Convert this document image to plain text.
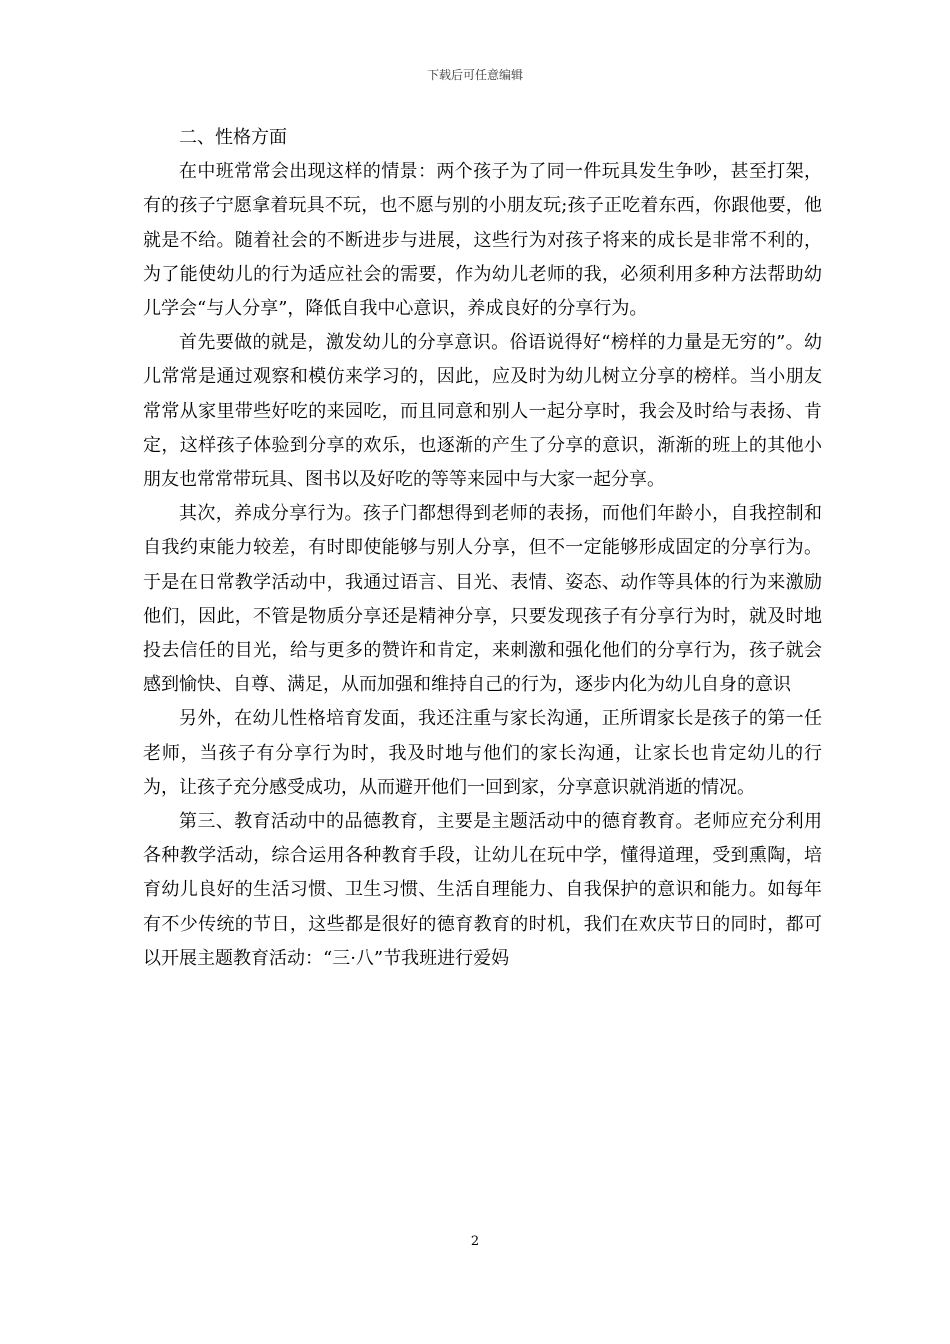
下载后可任意编辑

二、性格方面

在中班常常会出现这样的情景：两个孩子为了同一件玩具发生争吵，甚至打架，有的孩子宁愿拿着玩具不玩，也不愿与别的小朋友玩;孩子正吃着东西，你跟他要，他就是不给。随着社会的不断进步与进展，这些行为对孩子将来的成长是非常不利的，为了能使幼儿的行为适应社会的需要，作为幼儿老师的我，必须利用多种方法帮助幼儿学会“与人分享”，降低自我中心意识，养成良好的分享行为。

首先要做的就是，激发幼儿的分享意识。俗语说得好“榜样的力量是无穷的”。幼儿常常是通过观察和模仿来学习的，因此，应及时为幼儿树立分享的榜样。当小朋友常常从家里带些好吃的来园吃，而且同意和别人一起分享时，我会及时给与表扬、肯定，这样孩子体验到分享的欢乐，也逐渐的产生了分享的意识，渐渐的班上的其他小朋友也常常带玩具、图书以及好吃的等等来园中与大家一起分享。

其次，养成分享行为。孩子门都想得到老师的表扬，而他们年龄小，自我控制和自我约束能力较差，有时即使能够与别人分享，但不一定能够形成固定的分享行为。于是在日常教学活动中，我通过语言、目光、表情、姿态、动作等具体的行为来激励他们，因此，不管是物质分享还是精神分享，只要发现孩子有分享行为时，就及时地投去信任的目光，给与更多的赞许和肯定，来刺激和强化他们的分享行为，孩子就会感到愉快、自尊、满足，从而加强和维持自己的行为，逐步内化为幼儿自身的意识

另外，在幼儿性格培育发面，我还注重与家长沟通，正所谓家长是孩子的第一任老师，当孩子有分享行为时，我及时地与他们的家长沟通，让家长也肯定幼儿的行为，让孩子充分感受成功，从而避开他们一回到家，分享意识就消逝的情况。

第三、教育活动中的品德教育，主要是主题活动中的德育教育。老师应充分利用各种教学活动，综合运用各种教育手段，让幼儿在玩中学，懂得道理，受到熏陶，培育幼儿良好的生活习惯、卫生习惯、生活自理能力、自我保护的意识和能力。如每年有不少传统的节日，这些都是很好的德育教育的时机，我们在欢庆节日的同时，都可以开展主题教育活动：“三·八”节我班进行爱妈

2
